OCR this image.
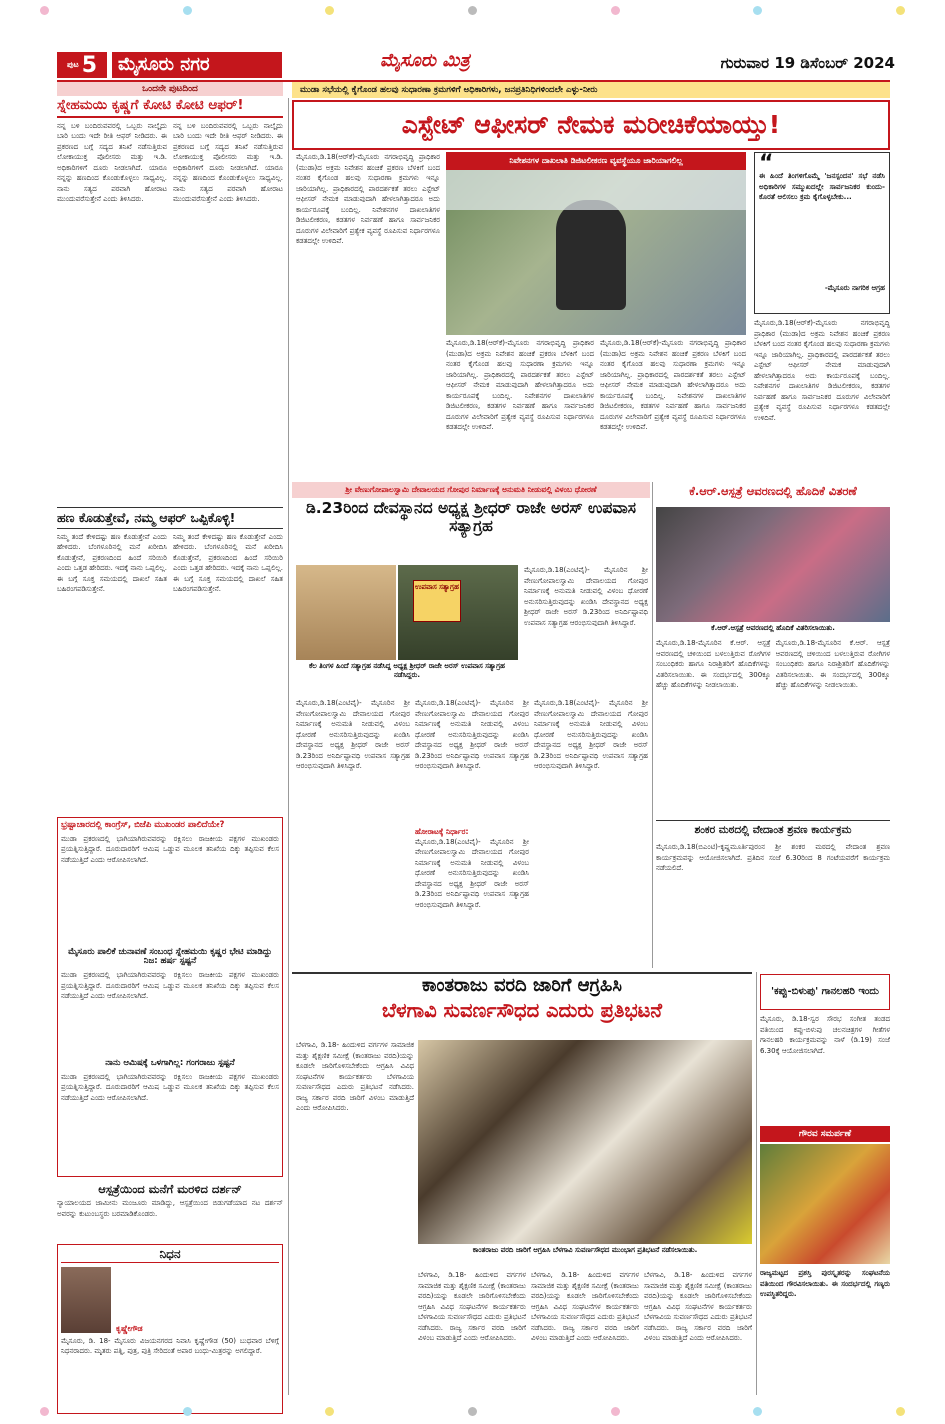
ಪುಟ 5	ಮೈಸೂರು ನಗರ	ಮೈಸೂರು ಮಿತ್ರ	ಗುರುವಾರ 19 ಡಿಸೆಂಬರ್ 2024
ಒಂದನೇ ಪುಟದಿಂದ
ಸ್ನೇಹಮಯಿ ಕೃಷ್ಣಗೆ ಕೋಟಿ ಕೋಟಿ ಆಫರ್!
ನನ್ನ ಬಳಿ ಬಂದಿರುವವರಲ್ಲಿ ಒಬ್ಬರು ನಾಲ್ಕೈದು ಬಾರಿ ಬಂದು ಇದೇ ರೀತಿ ಆಫರ್ ನೀಡಿದರು. ಈ ಪ್ರಕರಣದ ಬಗ್ಗೆ ಸದ್ಯದ ತನಿಖೆ ನಡೆಸುತ್ತಿರುವ ಲೋಕಾಯುಕ್ತ ಪೊಲೀಸರು ಮತ್ತು ಇ.ಡಿ. ಅಧಿಕಾರಿಗಳಿಗೆ ದೂರು ನೀಡಲಾಗಿದೆ. ಯಾರೂ ನನ್ನನ್ನು ಹಣದಿಂದ ಕೊಂಡುಕೊಳ್ಳಲು ಸಾಧ್ಯವಿಲ್ಲ. ನಾನು ಸತ್ಯದ ಪರವಾಗಿ ಹೋರಾಟ ಮುಂದುವರೆಸುತ್ತೇನೆ ಎಂದು ತಿಳಿಸಿದರು.
ನನ್ನ ಬಳಿ ಬಂದಿರುವವರಲ್ಲಿ ಒಬ್ಬರು ನಾಲ್ಕೈದು ಬಾರಿ ಬಂದು ಇದೇ ರೀತಿ ಆಫರ್ ನೀಡಿದರು. ಈ ಪ್ರಕರಣದ ಬಗ್ಗೆ ಸದ್ಯದ ತನಿಖೆ ನಡೆಸುತ್ತಿರುವ ಲೋಕಾಯುಕ್ತ ಪೊಲೀಸರು ಮತ್ತು ಇ.ಡಿ. ಅಧಿಕಾರಿಗಳಿಗೆ ದೂರು ನೀಡಲಾಗಿದೆ. ಯಾರೂ ನನ್ನನ್ನು ಹಣದಿಂದ ಕೊಂಡುಕೊಳ್ಳಲು ಸಾಧ್ಯವಿಲ್ಲ. ನಾನು ಸತ್ಯದ ಪರವಾಗಿ ಹೋರಾಟ ಮುಂದುವರೆಸುತ್ತೇನೆ ಎಂದು ತಿಳಿಸಿದರು.
ಹಣ ಕೊಡುತ್ತೇವೆ, ನಮ್ಮ ಆಫರ್ ಒಪ್ಪಿಕೊಳ್ಳಿ!
ನಿಮ್ಮ ತಂದೆ ಕೇಳಿದಷ್ಟು ಹಣ ಕೊಡುತ್ತೇವೆ ಎಂದು ಹೇಳಿದರು. ಬೆಂಗಳೂರಿನಲ್ಲಿ ಮನೆ ಖರೀದಿಸಿ ಕೊಡುತ್ತೇವೆ, ಪ್ರಕರಣದಿಂದ ಹಿಂದೆ ಸರಿಯಿರಿ ಎಂದು ಒತ್ತಡ ಹೇರಿದರು. ಇದಕ್ಕೆ ನಾನು ಒಪ್ಪಲಿಲ್ಲ. ಈ ಬಗ್ಗೆ ಸೂಕ್ತ ಸಮಯದಲ್ಲಿ ದಾಖಲೆ ಸಹಿತ ಬಹಿರಂಗಪಡಿಸುತ್ತೇನೆ.
ನಿಮ್ಮ ತಂದೆ ಕೇಳಿದಷ್ಟು ಹಣ ಕೊಡುತ್ತೇವೆ ಎಂದು ಹೇಳಿದರು. ಬೆಂಗಳೂರಿನಲ್ಲಿ ಮನೆ ಖರೀದಿಸಿ ಕೊಡುತ್ತೇವೆ, ಪ್ರಕರಣದಿಂದ ಹಿಂದೆ ಸರಿಯಿರಿ ಎಂದು ಒತ್ತಡ ಹೇರಿದರು. ಇದಕ್ಕೆ ನಾನು ಒಪ್ಪಲಿಲ್ಲ. ಈ ಬಗ್ಗೆ ಸೂಕ್ತ ಸಮಯದಲ್ಲಿ ದಾಖಲೆ ಸಹಿತ ಬಹಿರಂಗಪಡಿಸುತ್ತೇನೆ.
ಭ್ರಷ್ಟಾಚಾರದಲ್ಲಿ ಕಾಂಗ್ರೆಸ್, ಬಿಜೆಪಿ ಮುಖಂಡರ ಪಾಲಿದೆಯೇ?
ಮುಡಾ ಪ್ರಕರಣದಲ್ಲಿ ಭಾಗಿಯಾಗಿರುವವರನ್ನು ರಕ್ಷಿಸಲು ರಾಜಕೀಯ ಪಕ್ಷಗಳ ಮುಖಂಡರು ಪ್ರಯತ್ನಿಸುತ್ತಿದ್ದಾರೆ. ದೂರುದಾರರಿಗೆ ಆಮಿಷ ಒಡ್ಡುವ ಮೂಲಕ ತನಿಖೆಯ ದಿಕ್ಕು ತಪ್ಪಿಸುವ ಕೆಲಸ ನಡೆಯುತ್ತಿದೆ ಎಂದು ಆರೋಪಿಸಲಾಗಿದೆ.
ಮೈಸೂರು ಪಾಲಿಕೆ ಚುನಾವಣೆ ಸಂಬಂಧ ಸ್ನೇಹಮಯಿ ಕೃಷ್ಣರ ಭೇಟಿ ಮಾಡಿದ್ದು ನಿಜ: ಹರ್ಷ ಸ್ಪಷ್ಟನೆ
ಮುಡಾ ಪ್ರಕರಣದಲ್ಲಿ ಭಾಗಿಯಾಗಿರುವವರನ್ನು ರಕ್ಷಿಸಲು ರಾಜಕೀಯ ಪಕ್ಷಗಳ ಮುಖಂಡರು ಪ್ರಯತ್ನಿಸುತ್ತಿದ್ದಾರೆ. ದೂರುದಾರರಿಗೆ ಆಮಿಷ ಒಡ್ಡುವ ಮೂಲಕ ತನಿಖೆಯ ದಿಕ್ಕು ತಪ್ಪಿಸುವ ಕೆಲಸ ನಡೆಯುತ್ತಿದೆ ಎಂದು ಆರೋಪಿಸಲಾಗಿದೆ.
ನಾನು ಆಮಿಷಕ್ಕೆ ಒಳಗಾಗಿಲ್ಲ: ಗಂಗರಾಜು ಸ್ಪಷ್ಟನೆ
ಮುಡಾ ಪ್ರಕರಣದಲ್ಲಿ ಭಾಗಿಯಾಗಿರುವವರನ್ನು ರಕ್ಷಿಸಲು ರಾಜಕೀಯ ಪಕ್ಷಗಳ ಮುಖಂಡರು ಪ್ರಯತ್ನಿಸುತ್ತಿದ್ದಾರೆ. ದೂರುದಾರರಿಗೆ ಆಮಿಷ ಒಡ್ಡುವ ಮೂಲಕ ತನಿಖೆಯ ದಿಕ್ಕು ತಪ್ಪಿಸುವ ಕೆಲಸ ನಡೆಯುತ್ತಿದೆ ಎಂದು ಆರೋಪಿಸಲಾಗಿದೆ.
ಆಸ್ಪತ್ರೆಯಿಂದ ಮನೆಗೆ ಮರಳಿದ ದರ್ಶನ್
ನ್ಯಾಯಾಲಯದ ಜಾಮೀನು ಮಂಜೂರು ಮಾಡಿದ್ದು, ಆಸ್ಪತ್ರೆಯಿಂದ ಬಿಡುಗಡೆಯಾದ ನಟ ದರ್ಶನ್ ಅವರನ್ನು ಕುಟುಂಬಸ್ಥರು ಬರಮಾಡಿಕೊಂಡರು.
ನಿಧನ
ಕೃಷ್ಣೇಗೌಡ
ಮೈಸೂರು, ಡಿ. 18- ಮೈಸೂರು ವಿಜಯನಗರದ ನಿವಾಸಿ ಕೃಷ್ಣೇಗೌಡ (50) ಬುಧವಾರ ಬೆಳಿಗ್ಗೆ ನಿಧನರಾದರು. ಮೃತರು ಪತ್ನಿ, ಪುತ್ರ, ಪುತ್ರಿ ಸೇರಿದಂತೆ ಅಪಾರ ಬಂಧು-ಮಿತ್ರರನ್ನು ಅಗಲಿದ್ದಾರೆ.
ಮುಡಾ ಸಭೆಯಲ್ಲಿ ಕೈಗೊಂಡ ಹಲವು ಸುಧಾರಣಾ ಕ್ರಮಗಳಿಗೆ ಅಧಿಕಾರಿಗಳು, ಜನಪ್ರತಿನಿಧಿಗಳಿಂದಲೇ ಎಳ್ಳು-ನೀರು
ಎಸ್ಟೇಟ್ ಆಫೀಸರ್ ನೇಮಕ ಮರೀಚಿಕೆಯಾಯ್ತು!
ಮೈಸೂರು,ಡಿ.18(ಆರ್‌ಕೆ)-ಮೈಸೂರು ನಗರಾಭಿವೃದ್ಧಿ ಪ್ರಾಧಿಕಾರ (ಮುಡಾ)ದ ಅಕ್ರಮ ನಿವೇಶನ ಹಂಚಿಕೆ ಪ್ರಕರಣ ಬೆಳಕಿಗೆ ಬಂದ ನಂತರ ಕೈಗೊಂಡ ಹಲವು ಸುಧಾರಣಾ ಕ್ರಮಗಳು ಇನ್ನೂ ಜಾರಿಯಾಗಿಲ್ಲ. ಪ್ರಾಧಿಕಾರದಲ್ಲಿ ಪಾರದರ್ಶಕತೆ ತರಲು ಎಸ್ಟೇಟ್ ಆಫೀಸರ್ ನೇಮಕ ಮಾಡುವುದಾಗಿ ಹೇಳಲಾಗಿತ್ತಾದರೂ ಅದು ಕಾರ್ಯರೂಪಕ್ಕೆ ಬಂದಿಲ್ಲ. ನಿವೇಶನಗಳ ದಾಖಲಾತಿಗಳ ಡಿಜಿಟಲೀಕರಣ, ಕಡತಗಳ ನಿರ್ವಹಣೆ ಹಾಗೂ ಸಾರ್ವಜನಿಕರ ದೂರುಗಳ ವಿಲೇವಾರಿಗೆ ಪ್ರತ್ಯೇಕ ವ್ಯವಸ್ಥೆ ರೂಪಿಸುವ ನಿರ್ಧಾರಗಳೂ ಕಡತದಲ್ಲೇ ಉಳಿದಿವೆ.
ನಿವೇಶನಗಳ ದಾಖಲಾತಿ ಡಿಜಿಟಲೀಕರಣ ವ್ಯವಸ್ಥೆಯೂ ಜಾರಿಯಾಗಲಿಲ್ಲ	“
ಈ ಹಿಂದೆ ತಿಂಗಳಿಗೊಮ್ಮೆ 'ಜನಸ್ಪಂದನ' ಸಭೆ ನಡೆಸಿ ಅಧಿಕಾರಿಗಳ ಸಮ್ಮುಖದಲ್ಲೇ ಸಾರ್ವಜನಿಕರ ಕುಂದು-ಕೊರತೆ ಆಲಿಸಲು ಕ್ರಮ ಕೈಗೊಳ್ಳಬೇಕು...
-ಮೈಸೂರು ನಾಗರಿಕ ಆಗ್ರಹ
ಮೈಸೂರು,ಡಿ.18(ಆರ್‌ಕೆ)-ಮೈಸೂರು ನಗರಾಭಿವೃದ್ಧಿ ಪ್ರಾಧಿಕಾರ (ಮುಡಾ)ದ ಅಕ್ರಮ ನಿವೇಶನ ಹಂಚಿಕೆ ಪ್ರಕರಣ ಬೆಳಕಿಗೆ ಬಂದ ನಂತರ ಕೈಗೊಂಡ ಹಲವು ಸುಧಾರಣಾ ಕ್ರಮಗಳು ಇನ್ನೂ ಜಾರಿಯಾಗಿಲ್ಲ. ಪ್ರಾಧಿಕಾರದಲ್ಲಿ ಪಾರದರ್ಶಕತೆ ತರಲು ಎಸ್ಟೇಟ್ ಆಫೀಸರ್ ನೇಮಕ ಮಾಡುವುದಾಗಿ ಹೇಳಲಾಗಿತ್ತಾದರೂ ಅದು ಕಾರ್ಯರೂಪಕ್ಕೆ ಬಂದಿಲ್ಲ. ನಿವೇಶನಗಳ ದಾಖಲಾತಿಗಳ ಡಿಜಿಟಲೀಕರಣ, ಕಡತಗಳ ನಿರ್ವಹಣೆ ಹಾಗೂ ಸಾರ್ವಜನಿಕರ ದೂರುಗಳ ವಿಲೇವಾರಿಗೆ ಪ್ರತ್ಯೇಕ ವ್ಯವಸ್ಥೆ ರೂಪಿಸುವ ನಿರ್ಧಾರಗಳೂ ಕಡತದಲ್ಲೇ ಉಳಿದಿವೆ.
ಮೈಸೂರು,ಡಿ.18(ಆರ್‌ಕೆ)-ಮೈಸೂರು ನಗರಾಭಿವೃದ್ಧಿ ಪ್ರಾಧಿಕಾರ (ಮುಡಾ)ದ ಅಕ್ರಮ ನಿವೇಶನ ಹಂಚಿಕೆ ಪ್ರಕರಣ ಬೆಳಕಿಗೆ ಬಂದ ನಂತರ ಕೈಗೊಂಡ ಹಲವು ಸುಧಾರಣಾ ಕ್ರಮಗಳು ಇನ್ನೂ ಜಾರಿಯಾಗಿಲ್ಲ. ಪ್ರಾಧಿಕಾರದಲ್ಲಿ ಪಾರದರ್ಶಕತೆ ತರಲು ಎಸ್ಟೇಟ್ ಆಫೀಸರ್ ನೇಮಕ ಮಾಡುವುದಾಗಿ ಹೇಳಲಾಗಿತ್ತಾದರೂ ಅದು ಕಾರ್ಯರೂಪಕ್ಕೆ ಬಂದಿಲ್ಲ. ನಿವೇಶನಗಳ ದಾಖಲಾತಿಗಳ ಡಿಜಿಟಲೀಕರಣ, ಕಡತಗಳ ನಿರ್ವಹಣೆ ಹಾಗೂ ಸಾರ್ವಜನಿಕರ ದೂರುಗಳ ವಿಲೇವಾರಿಗೆ ಪ್ರತ್ಯೇಕ ವ್ಯವಸ್ಥೆ ರೂಪಿಸುವ ನಿರ್ಧಾರಗಳೂ ಕಡತದಲ್ಲೇ ಉಳಿದಿವೆ.
ಮೈಸೂರು,ಡಿ.18(ಆರ್‌ಕೆ)-ಮೈಸೂರು ನಗರಾಭಿವೃದ್ಧಿ ಪ್ರಾಧಿಕಾರ (ಮುಡಾ)ದ ಅಕ್ರಮ ನಿವೇಶನ ಹಂಚಿಕೆ ಪ್ರಕರಣ ಬೆಳಕಿಗೆ ಬಂದ ನಂತರ ಕೈಗೊಂಡ ಹಲವು ಸುಧಾರಣಾ ಕ್ರಮಗಳು ಇನ್ನೂ ಜಾರಿಯಾಗಿಲ್ಲ. ಪ್ರಾಧಿಕಾರದಲ್ಲಿ ಪಾರದರ್ಶಕತೆ ತರಲು ಎಸ್ಟೇಟ್ ಆಫೀಸರ್ ನೇಮಕ ಮಾಡುವುದಾಗಿ ಹೇಳಲಾಗಿತ್ತಾದರೂ ಅದು ಕಾರ್ಯರೂಪಕ್ಕೆ ಬಂದಿಲ್ಲ. ನಿವೇಶನಗಳ ದಾಖಲಾತಿಗಳ ಡಿಜಿಟಲೀಕರಣ, ಕಡತಗಳ ನಿರ್ವಹಣೆ ಹಾಗೂ ಸಾರ್ವಜನಿಕರ ದೂರುಗಳ ವಿಲೇವಾರಿಗೆ ಪ್ರತ್ಯೇಕ ವ್ಯವಸ್ಥೆ ರೂಪಿಸುವ ನಿರ್ಧಾರಗಳೂ ಕಡತದಲ್ಲೇ ಉಳಿದಿವೆ.
ಶ್ರೀ ವೇಣುಗೋಪಾಲಸ್ವಾಮಿ ದೇವಾಲಯದ ಗೋಪುರ ನಿರ್ಮಾಣಕ್ಕೆ ಅನುಮತಿ ನೀಡುವಲ್ಲಿ ವಿಳಂಬ ಧೋರಣೆ
ಡಿ.23ರಿಂದ ದೇವಸ್ಥಾನದ ಅಧ್ಯಕ್ಷ ಶ್ರೀಧರ್ ರಾಜೇ ಅರಸ್ ಉಪವಾಸ ಸತ್ಯಾಗ್ರಹ
ಉಪವಾಸ ಸತ್ಯಾಗ್ರಹ
ಕೆಲ ತಿಂಗಳ ಹಿಂದೆ ಸತ್ಯಾಗ್ರಹ ನಡೆಸಿದ್ದ ಅಧ್ಯಕ್ಷ ಶ್ರೀಧರ್ ರಾಜೇ ಅರಸ್ ಉಪವಾಸ ಸತ್ಯಾಗ್ರಹ ನಡೆಸಿದ್ದರು.
ಮೈಸೂರು,ಡಿ.18(ಎಂಟಿವೈ)- ಮೈಸೂರಿನ ಶ್ರೀ ವೇಣುಗೋಪಾಲಸ್ವಾಮಿ ದೇವಾಲಯದ ಗೋಪುರ ನಿರ್ಮಾಣಕ್ಕೆ ಅನುಮತಿ ನೀಡುವಲ್ಲಿ ವಿಳಂಬ ಧೋರಣೆ ಅನುಸರಿಸುತ್ತಿರುವುದನ್ನು ಖಂಡಿಸಿ ದೇವಸ್ಥಾನದ ಅಧ್ಯಕ್ಷ ಶ್ರೀಧರ್ ರಾಜೇ ಅರಸ್ ಡಿ.23ರಿಂದ ಅನಿರ್ದಿಷ್ಟಾವಧಿ ಉಪವಾಸ ಸತ್ಯಾಗ್ರಹ ಆರಂಭಿಸುವುದಾಗಿ ತಿಳಿಸಿದ್ದಾರೆ.
ಮೈಸೂರು,ಡಿ.18(ಎಂಟಿವೈ)- ಮೈಸೂರಿನ ಶ್ರೀ ವೇಣುಗೋಪಾಲಸ್ವಾಮಿ ದೇವಾಲಯದ ಗೋಪುರ ನಿರ್ಮಾಣಕ್ಕೆ ಅನುಮತಿ ನೀಡುವಲ್ಲಿ ವಿಳಂಬ ಧೋರಣೆ ಅನುಸರಿಸುತ್ತಿರುವುದನ್ನು ಖಂಡಿಸಿ ದೇವಸ್ಥಾನದ ಅಧ್ಯಕ್ಷ ಶ್ರೀಧರ್ ರಾಜೇ ಅರಸ್ ಡಿ.23ರಿಂದ ಅನಿರ್ದಿಷ್ಟಾವಧಿ ಉಪವಾಸ ಸತ್ಯಾಗ್ರಹ ಆರಂಭಿಸುವುದಾಗಿ ತಿಳಿಸಿದ್ದಾರೆ.
ಮೈಸೂರು,ಡಿ.18(ಎಂಟಿವೈ)- ಮೈಸೂರಿನ ಶ್ರೀ ವೇಣುಗೋಪಾಲಸ್ವಾಮಿ ದೇವಾಲಯದ ಗೋಪುರ ನಿರ್ಮಾಣಕ್ಕೆ ಅನುಮತಿ ನೀಡುವಲ್ಲಿ ವಿಳಂಬ ಧೋರಣೆ ಅನುಸರಿಸುತ್ತಿರುವುದನ್ನು ಖಂಡಿಸಿ ದೇವಸ್ಥಾನದ ಅಧ್ಯಕ್ಷ ಶ್ರೀಧರ್ ರಾಜೇ ಅರಸ್ ಡಿ.23ರಿಂದ ಅನಿರ್ದಿಷ್ಟಾವಧಿ ಉಪವಾಸ ಸತ್ಯಾಗ್ರಹ ಆರಂಭಿಸುವುದಾಗಿ ತಿಳಿಸಿದ್ದಾರೆ.
ಹೋರಾಟಕ್ಕೆ ನಿರ್ಧಾರ:
ಮೈಸೂರು,ಡಿ.18(ಎಂಟಿವೈ)- ಮೈಸೂರಿನ ಶ್ರೀ ವೇಣುಗೋಪಾಲಸ್ವಾಮಿ ದೇವಾಲಯದ ಗೋಪುರ ನಿರ್ಮಾಣಕ್ಕೆ ಅನುಮತಿ ನೀಡುವಲ್ಲಿ ವಿಳಂಬ ಧೋರಣೆ ಅನುಸರಿಸುತ್ತಿರುವುದನ್ನು ಖಂಡಿಸಿ ದೇವಸ್ಥಾನದ ಅಧ್ಯಕ್ಷ ಶ್ರೀಧರ್ ರಾಜೇ ಅರಸ್ ಡಿ.23ರಿಂದ ಅನಿರ್ದಿಷ್ಟಾವಧಿ ಉಪವಾಸ ಸತ್ಯಾಗ್ರಹ ಆರಂಭಿಸುವುದಾಗಿ ತಿಳಿಸಿದ್ದಾರೆ.
ಮೈಸೂರು,ಡಿ.18(ಎಂಟಿವೈ)- ಮೈಸೂರಿನ ಶ್ರೀ ವೇಣುಗೋಪಾಲಸ್ವಾಮಿ ದೇವಾಲಯದ ಗೋಪುರ ನಿರ್ಮಾಣಕ್ಕೆ ಅನುಮತಿ ನೀಡುವಲ್ಲಿ ವಿಳಂಬ ಧೋರಣೆ ಅನುಸರಿಸುತ್ತಿರುವುದನ್ನು ಖಂಡಿಸಿ ದೇವಸ್ಥಾನದ ಅಧ್ಯಕ್ಷ ಶ್ರೀಧರ್ ರಾಜೇ ಅರಸ್ ಡಿ.23ರಿಂದ ಅನಿರ್ದಿಷ್ಟಾವಧಿ ಉಪವಾಸ ಸತ್ಯಾಗ್ರಹ ಆರಂಭಿಸುವುದಾಗಿ ತಿಳಿಸಿದ್ದಾರೆ.
ಕೆ.ಆರ್.ಆಸ್ಪತ್ರೆ ಆವರಣದಲ್ಲಿ ಹೊದಿಕೆ ವಿತರಣೆ
ಕೆ.ಆರ್.ಆಸ್ಪತ್ರೆ ಆವರಣದಲ್ಲಿ ಹೊದಿಕೆ ವಿತರಿಸಲಾಯಿತು.
ಮೈಸೂರು,ಡಿ.18-ಮೈಸೂರಿನ ಕೆ.ಆರ್. ಆಸ್ಪತ್ರೆ ಆವರಣದಲ್ಲಿ ಚಳಿಯಿಂದ ಬಳಲುತ್ತಿರುವ ರೋಗಿಗಳ ಸಂಬಂಧಿಕರು ಹಾಗೂ ನಿರಾಶ್ರಿತರಿಗೆ ಹೊದಿಕೆಗಳನ್ನು ವಿತರಿಸಲಾಯಿತು. ಈ ಸಂದರ್ಭದಲ್ಲಿ 300ಕ್ಕೂ ಹೆಚ್ಚು ಹೊದಿಕೆಗಳನ್ನು ನೀಡಲಾಯಿತು.
ಮೈಸೂರು,ಡಿ.18-ಮೈಸೂರಿನ ಕೆ.ಆರ್. ಆಸ್ಪತ್ರೆ ಆವರಣದಲ್ಲಿ ಚಳಿಯಿಂದ ಬಳಲುತ್ತಿರುವ ರೋಗಿಗಳ ಸಂಬಂಧಿಕರು ಹಾಗೂ ನಿರಾಶ್ರಿತರಿಗೆ ಹೊದಿಕೆಗಳನ್ನು ವಿತರಿಸಲಾಯಿತು. ಈ ಸಂದರ್ಭದಲ್ಲಿ 300ಕ್ಕೂ ಹೆಚ್ಚು ಹೊದಿಕೆಗಳನ್ನು ನೀಡಲಾಯಿತು.
ಶಂಕರ ಮಠದಲ್ಲಿ ವೇದಾಂತ ಶ್ರವಣ ಕಾರ್ಯಕ್ರಮ
ಮೈಸೂರು,ಡಿ.18(ಬಿಎಂಟಿ)-ಕೃಷ್ಣಮೂರ್ತಿಪುರಂನ ಶ್ರೀ ಶಂಕರ ಮಠದಲ್ಲಿ ವೇದಾಂತ ಶ್ರವಣ ಕಾರ್ಯಕ್ರಮವನ್ನು ಆಯೋಜಿಸಲಾಗಿದೆ. ಪ್ರತಿದಿನ ಸಂಜೆ 6.30ರಿಂದ 8 ಗಂಟೆಯವರೆಗೆ ಕಾರ್ಯಕ್ರಮ ನಡೆಯಲಿದೆ.
ಕಾಂತರಾಜು ವರದಿ ಜಾರಿಗೆ ಆಗ್ರಹಿಸಿ
ಬೆಳಗಾವಿ ಸುವರ್ಣಸೌಧದ ಎದುರು ಪ್ರತಿಭಟನೆ
ಬೆಳಗಾವಿ, ಡಿ.18- ಹಿಂದುಳಿದ ವರ್ಗಗಳ ಸಾಮಾಜಿಕ ಮತ್ತು ಶೈಕ್ಷಣಿಕ ಸಮೀಕ್ಷೆ (ಕಾಂತರಾಜು ವರದಿ)ಯನ್ನು ಕೂಡಲೇ ಜಾರಿಗೊಳಿಸಬೇಕೆಂದು ಆಗ್ರಹಿಸಿ ವಿವಿಧ ಸಂಘಟನೆಗಳ ಕಾರ್ಯಕರ್ತರು ಬೆಳಗಾವಿಯ ಸುವರ್ಣಸೌಧದ ಎದುರು ಪ್ರತಿಭಟನೆ ನಡೆಸಿದರು. ರಾಜ್ಯ ಸರ್ಕಾರ ವರದಿ ಜಾರಿಗೆ ವಿಳಂಬ ಮಾಡುತ್ತಿದೆ ಎಂದು ಆರೋಪಿಸಿದರು.
ಕಾಂತರಾಜು ವರದಿ ಜಾರಿಗೆ ಆಗ್ರಹಿಸಿ ಬೆಳಗಾವಿ ಸುವರ್ಣಸೌಧದ ಮುಂಭಾಗ ಪ್ರತಿಭಟನೆ ನಡೆಸಲಾಯಿತು.
ಬೆಳಗಾವಿ, ಡಿ.18- ಹಿಂದುಳಿದ ವರ್ಗಗಳ ಸಾಮಾಜಿಕ ಮತ್ತು ಶೈಕ್ಷಣಿಕ ಸಮೀಕ್ಷೆ (ಕಾಂತರಾಜು ವರದಿ)ಯನ್ನು ಕೂಡಲೇ ಜಾರಿಗೊಳಿಸಬೇಕೆಂದು ಆಗ್ರಹಿಸಿ ವಿವಿಧ ಸಂಘಟನೆಗಳ ಕಾರ್ಯಕರ್ತರು ಬೆಳಗಾವಿಯ ಸುವರ್ಣಸೌಧದ ಎದುರು ಪ್ರತಿಭಟನೆ ನಡೆಸಿದರು. ರಾಜ್ಯ ಸರ್ಕಾರ ವರದಿ ಜಾರಿಗೆ ವಿಳಂಬ ಮಾಡುತ್ತಿದೆ ಎಂದು ಆರೋಪಿಸಿದರು.
ಬೆಳಗಾವಿ, ಡಿ.18- ಹಿಂದುಳಿದ ವರ್ಗಗಳ ಸಾಮಾಜಿಕ ಮತ್ತು ಶೈಕ್ಷಣಿಕ ಸಮೀಕ್ಷೆ (ಕಾಂತರಾಜು ವರದಿ)ಯನ್ನು ಕೂಡಲೇ ಜಾರಿಗೊಳಿಸಬೇಕೆಂದು ಆಗ್ರಹಿಸಿ ವಿವಿಧ ಸಂಘಟನೆಗಳ ಕಾರ್ಯಕರ್ತರು ಬೆಳಗಾವಿಯ ಸುವರ್ಣಸೌಧದ ಎದುರು ಪ್ರತಿಭಟನೆ ನಡೆಸಿದರು. ರಾಜ್ಯ ಸರ್ಕಾರ ವರದಿ ಜಾರಿಗೆ ವಿಳಂಬ ಮಾಡುತ್ತಿದೆ ಎಂದು ಆರೋಪಿಸಿದರು.
ಬೆಳಗಾವಿ, ಡಿ.18- ಹಿಂದುಳಿದ ವರ್ಗಗಳ ಸಾಮಾಜಿಕ ಮತ್ತು ಶೈಕ್ಷಣಿಕ ಸಮೀಕ್ಷೆ (ಕಾಂತರಾಜು ವರದಿ)ಯನ್ನು ಕೂಡಲೇ ಜಾರಿಗೊಳಿಸಬೇಕೆಂದು ಆಗ್ರಹಿಸಿ ವಿವಿಧ ಸಂಘಟನೆಗಳ ಕಾರ್ಯಕರ್ತರು ಬೆಳಗಾವಿಯ ಸುವರ್ಣಸೌಧದ ಎದುರು ಪ್ರತಿಭಟನೆ ನಡೆಸಿದರು. ರಾಜ್ಯ ಸರ್ಕಾರ ವರದಿ ಜಾರಿಗೆ ವಿಳಂಬ ಮಾಡುತ್ತಿದೆ ಎಂದು ಆರೋಪಿಸಿದರು.
'ಕಪ್ಪು-ಬಿಳುಪು' ಗಾನಲಹರಿ ಇಂದು
ಮೈಸೂರು, ಡಿ.18-ಸ್ವರ ಸೌರಭ ಸಂಗೀತ ತಂಡದ ವತಿಯಿಂದ ಕಪ್ಪು-ಬಿಳುಪು ಚಲನಚಿತ್ರಗಳ ಗೀತೆಗಳ ಗಾನಲಹರಿ ಕಾರ್ಯಕ್ರಮವನ್ನು ನಾಳೆ (ಡಿ.19) ಸಂಜೆ 6.30ಕ್ಕೆ ಆಯೋಜಿಸಲಾಗಿದೆ.
ಗೌರವ ಸಮರ್ಪಣೆ
ರಾಜ್ಯಮಟ್ಟದ ಪ್ರಶಸ್ತಿ ಪುರಸ್ಕೃತರನ್ನು ಸಂಘಟನೆಯ ವತಿಯಿಂದ ಗೌರವಿಸಲಾಯಿತು. ಈ ಸಂದರ್ಭದಲ್ಲಿ ಗಣ್ಯರು ಉಪಸ್ಥಿತರಿದ್ದರು.
